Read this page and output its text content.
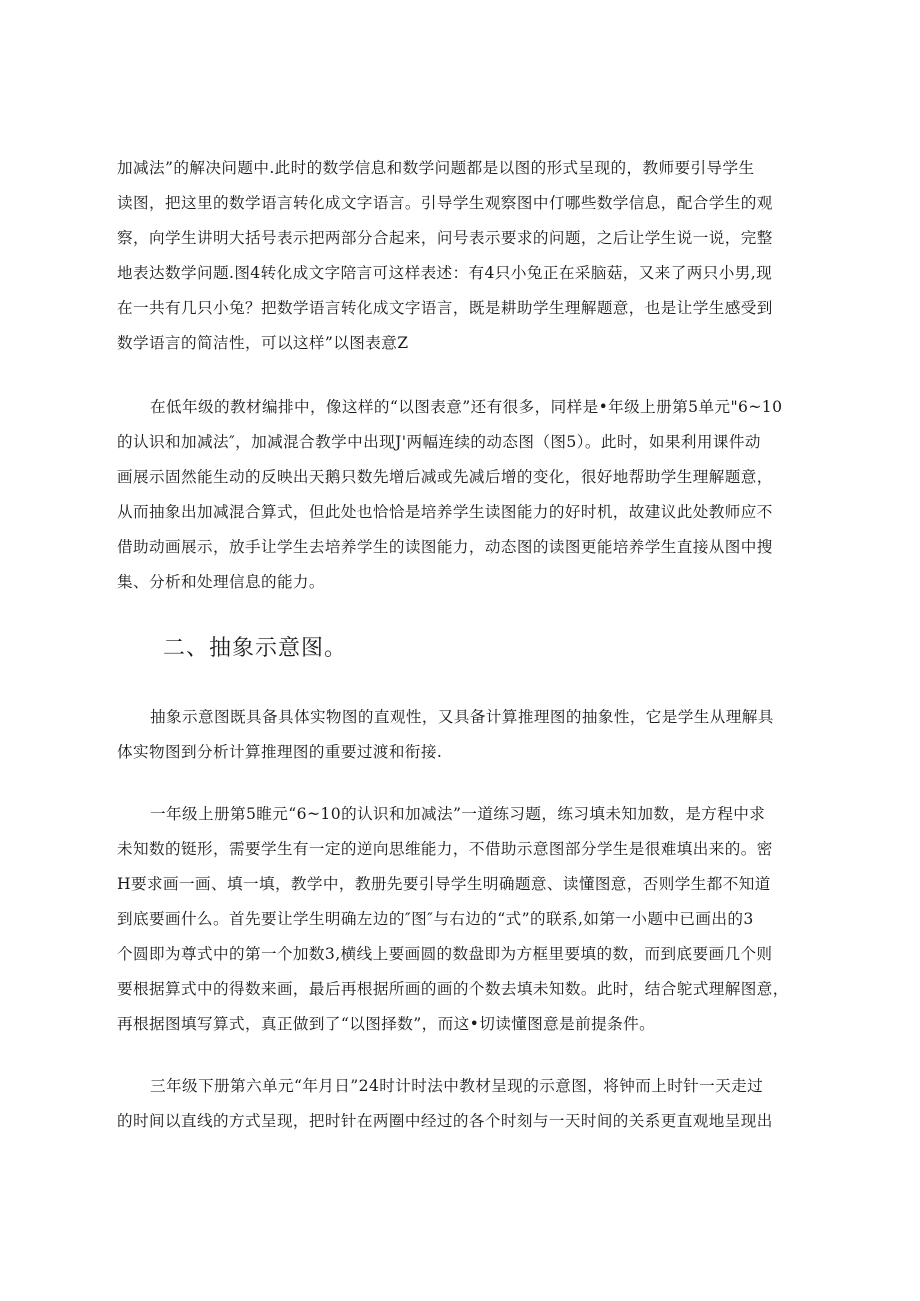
加减法”的解决问题中.此时的数学信息和数学问题都是以图的形式呈现的，教师要引导学生
读图，把这里的数学语言转化成文字语言。引导学生观察图中仃哪些数学信息，配合学生的观
察，向学生讲明大括号表示把两部分合起来，问号表示要求的问题，之后让学生说一说，完整
地表达数学问题.图4转化成文字陪言可这样表述：有4只小兔正在采脑菇，又来了两只小男,现
在一共有几只小兔？把数学语言转化成文字语言，既是耕助学生理解题意，也是让学生感受到
数学语言的简洁性，可以这样”以图表意Z
在低年级的教材编排中，像这样的“以图表意”还有很多，同样是•年级上册第5单元"6~10
的认识和加减法″，加减混合教学中出现J'两幅连续的动态图（图5）。此时，如果利用课件动
画展示固然能生动的反映出天鹅只数先增后减或先减后增的变化，很好地帮助学生理解题意，
从而抽象出加减混合算式，但此处也恰恰是培养学生读图能力的好时机，故建议此处教师应不
借助动画展示，放手让学生去培养学生的读图能力，动态图的读图更能培养学生直接从图中搜
集、分析和处理信息的能力。
二、抽象示意图。
抽象示意图既具备具体实物图的直观性，又具备计算推理图的抽象性，它是学生从理解具
体实物图到分析计算推理图的重要过渡和衔接.
一年级上册第5睢元“6~10的认识和加减法”一道练习题，练习填未知加数，是方程中求
未知数的铤形，需要学生有一定的逆向思维能力，不借助示意图部分学生是很难填出来的。密
H要求画一画、填一填，教学中，教册先要引导学生明确题意、读懂图意，否则学生都不知道
到底要画什么。首先要让学生明确左边的″图″与右边的“式”的联系,如第一小题中已画出的3
个圆即为尊式中的第一个加数3,横线上要画圆的数盘即为方框里要填的数，而到底要画几个则
要根据算式中的得数来画，最后再根据所画的画的个数去填未知数。此时，结合鸵式理解图意，
再根据图填写算式，真正做到了“以图择数”，而这•切读懂图意是前提条件。
三年级下册第六单元“年月日”24时计时法中教材呈现的示意图，将钟而上时针一天走过
的时间以直线的方式呈现，把时针在两圈中经过的各个时刻与一天时间的关系更直观地呈现出
